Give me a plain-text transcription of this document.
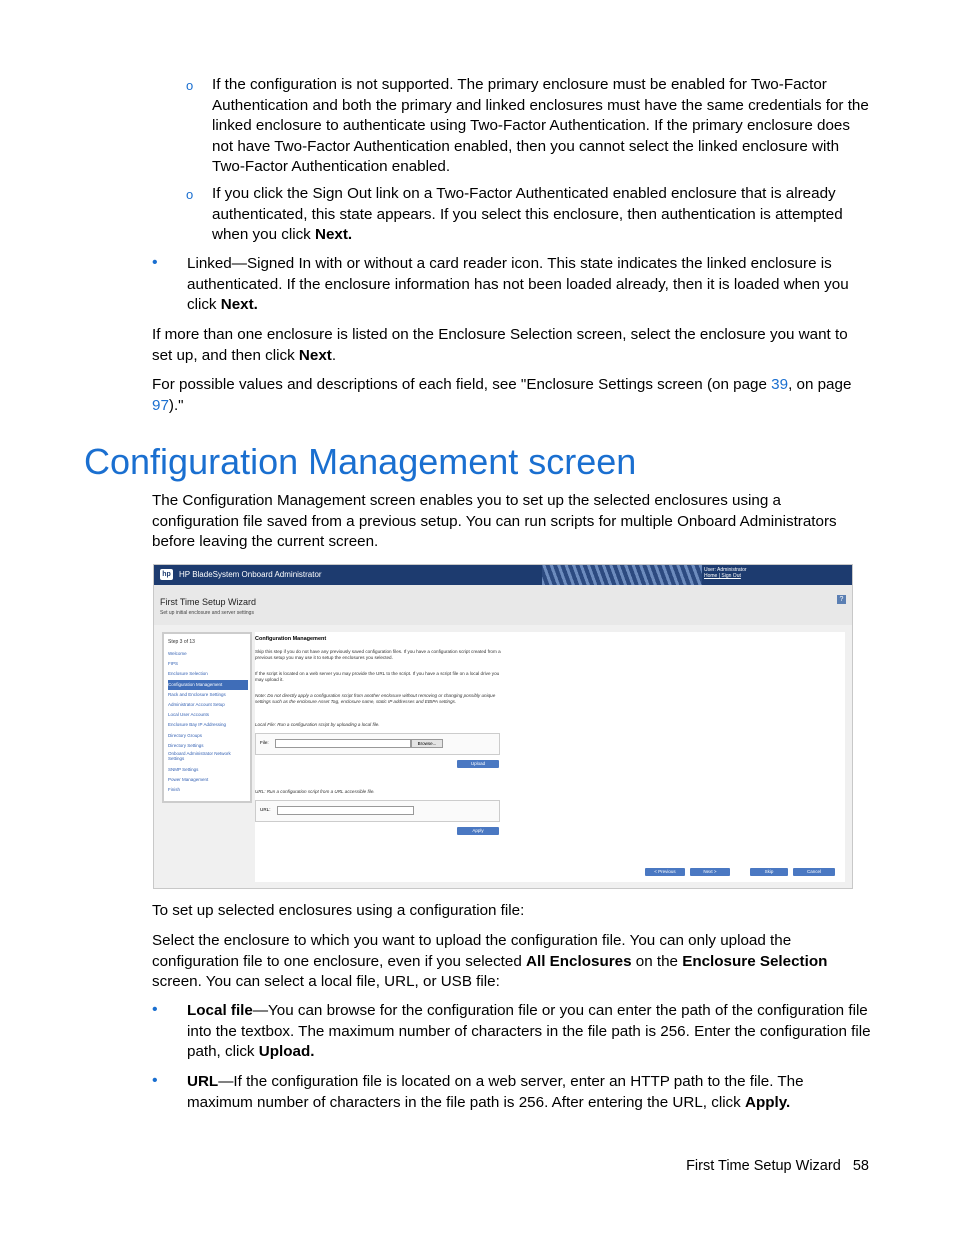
o If the configuration is not supported. The primary enclosure must be enabled for Two-Factor Authentication and both the primary and linked enclosures must have the same credentials for the linked enclosure to authenticate using Two-Factor Authentication. If the primary enclosure does not have Two-Factor Authentication enabled, then you cannot select the linked enclosure with Two-Factor Authentication enabled.
o If you click the Sign Out link on a Two-Factor Authenticated enabled enclosure that is already authenticated, this state appears. If you select this enclosure, then authentication is attempted when you click Next.
• Linked—Signed In with or without a card reader icon. This state indicates the linked enclosure is authenticated. If the enclosure information has not been loaded already, then it is loaded when you click Next.
If more than one enclosure is listed on the Enclosure Selection screen, select the enclosure you want to set up, and then click Next.
For possible values and descriptions of each field, see "Enclosure Settings screen (on page 39, on page 97)."
Configuration Management screen
The Configuration Management screen enables you to set up the selected enclosures using a configuration file saved from a previous setup. You can run scripts for multiple Onboard Administrators before leaving the current screen.
hp HP BladeSystem Onboard Administrator	User: Administrator
Home | Sign Out
First Time Setup Wizard
Set up initial enclosure and server settings
?
Step 3 of 13
Welcome
FIPS
Enclosure Selection
Configuration Management
Rack and Enclosure Settings
Administrator Account Setup
Local User Accounts
Enclosure Bay IP Addressing
Directory Groups
Directory Settings
Onboard Administrator Network Settings
SNMP Settings
Power Management
Finish
Configuration Management
Skip this step if you do not have any previously saved configuration files. If you have a configuration script created from a previous setup you may use it to setup the enclosures you selected.
If the script is located on a web server you may provide the URL to the script. If you have a script file on a local drive you may upload it.
Note: Do not directly apply a configuration script from another enclosure without removing or changing possibly unique settings such as the enclosure Asset Tag, enclosure name, static IP addresses and EBIPA settings.
Local File: Run a configuration script by uploading a local file.
File:	Browse...
Upload
URL: Run a configuration script from a URL accessible file.
URL:
Apply
< Previous	Next >	Skip	Cancel
To set up selected enclosures using a configuration file:
Select the enclosure to which you want to upload the configuration file. You can only upload the configuration file to one enclosure, even if you selected All Enclosures on the Enclosure Selection screen. You can select a local file, URL, or USB file:
• Local file—You can browse for the configuration file or you can enter the path of the configuration file into the textbox. The maximum number of characters in the file path is 256. Enter the configuration file path, click Upload.
• URL—If the configuration file is located on a web server, enter an HTTP path to the file. The maximum number of characters in the file path is 256. After entering the URL, click Apply.
First Time Setup Wizard 58
